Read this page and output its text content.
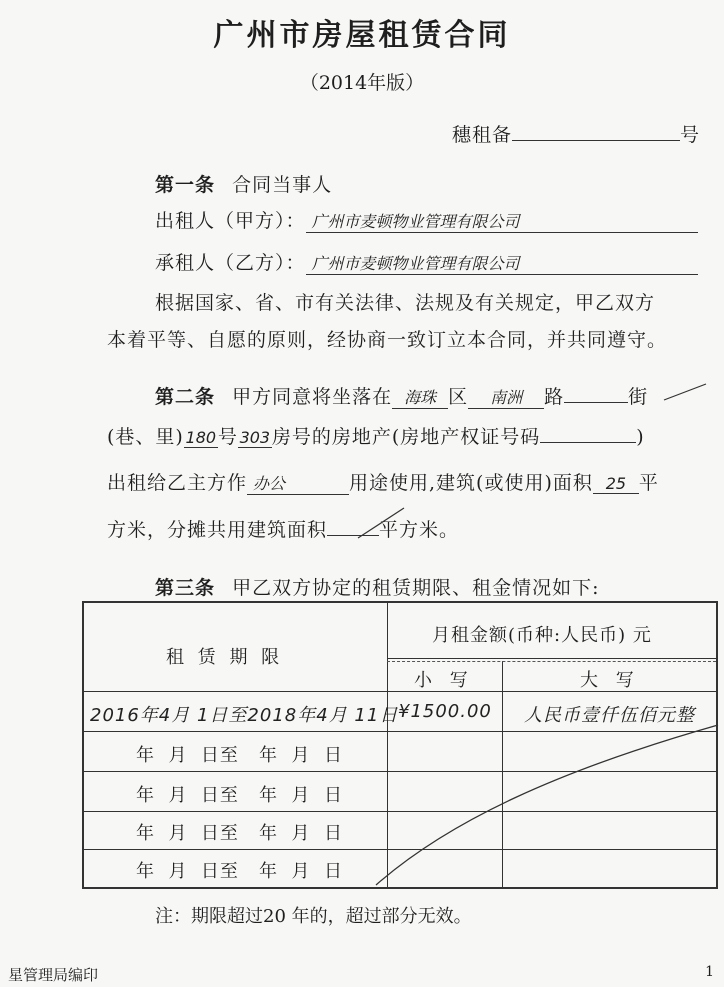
广州市房屋租赁合同
（2014年版）
穗租备	号
第一条 合同当事人
出租人（甲方）： 广州市麦顿物业管理有限公司
承租人（乙方）： 广州市麦顿物业管理有限公司
根据国家、省、市有关法律、法规及有关规定，甲乙双方
本着平等、自愿的原则，经协商一致订立本合同，并共同遵守。
第二条 甲方同意将坐落在 海珠 区 南洲 路	街
(巷、里) 180号 303房号的房地产(房地产权证号码	)
出租给乙主方作 办公	用途使用,建筑(或使用)面积 25 平
方米，分摊共用建筑面积	平方米。
第三条 甲乙双方协定的租赁期限、租金情况如下:
租 赁 期 限
月租金额(币种:人民币) 元
小 写	大 写
2016年4月 1日至2018年4月 11日 ¥1500.00 人民币壹仟伍佰元整
年  月  日至   年  月  日
年  月  日至   年  月  日
年  月  日至   年  月  日
年  月  日至   年  月  日
注：期限超过20 年的，超过部分无效。
星管理局编印	1
